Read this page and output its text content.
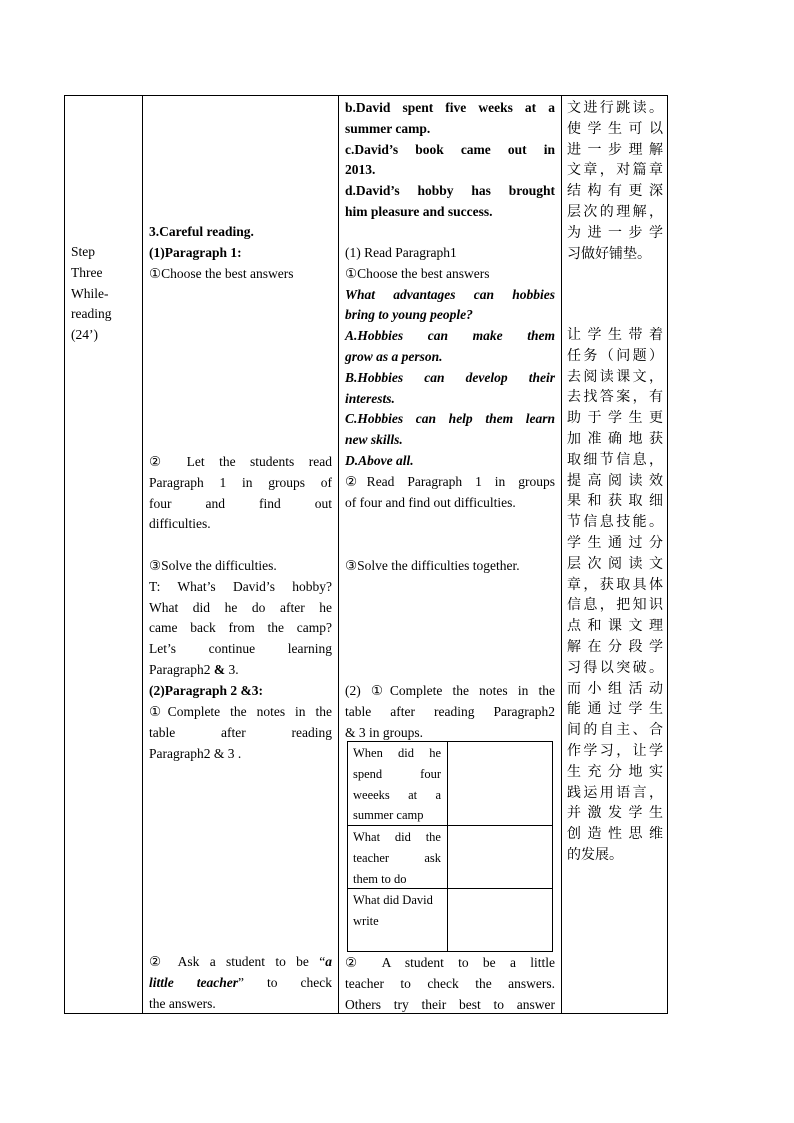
Step

Three

While-

reading

(24’)

3.Careful reading.

(1)Paragraph 1:

①Choose the best answers

② Let the students read

Paragraph 1 in groups of

four and find out

difficulties.

③Solve the difficulties.

T: What’s David’s hobby?

What did he do after he

came back from the camp?

Let’s continue learning

Paragraph2 & 3.

(2)Paragraph 2 &3:

①Complete the notes in the

table after reading

Paragraph2 & 3 .

② Ask a student to be “a

little teacher” to check

the answers.

b.David spent five weeks at a

summer camp.

c.David’s book came out in

2013.

d.David’s hobby has brought

him pleasure and success.

(1) Read Paragraph1

①Choose the best answers

What advantages can hobbies

bring to young people?

A.Hobbies can make them

grow as a person.

B.Hobbies can develop their

interests.

C.Hobbies can help them learn

new skills.

D.Above all.

②Read Paragraph 1 in groups

of four and find out difficulties.

③Solve the difficulties together.

(2) ①Complete the notes in the

table after reading Paragraph2

& 3 in groups.

When did he

spend four

weeeks at a

summer camp

What did the

teacher ask

them to do

What did David

write

② A student to be a little

teacher to check the answers.

Others try their best to answer

文进行跳读。

使学生可以

进一步理解

文章，对篇章

结构有更深

层次的理解，

为进一步学

习做好铺垫。

让学生带着

任务（问题）

去阅读课文，

去找答案，有

助于学生更

加准确地获

取细节信息，

提高阅读效

果和获取细

节信息技能。

学生通过分

层次阅读文

章，获取具体

信息，把知识

点和课文理

解在分段学

习得以突破。

而小组活动

能通过学生

间的自主、合

作学习，让学

生充分地实

践运用语言，

并激发学生

创造性思维

的发展。
